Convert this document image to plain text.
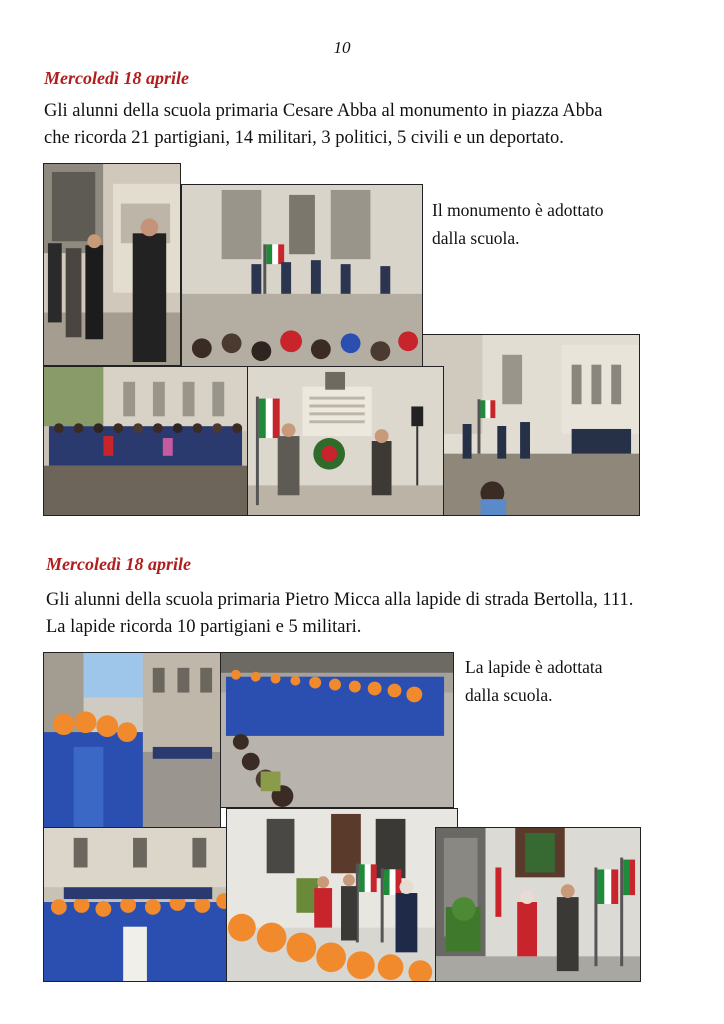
10
Mercoledì 18 aprile
Gli alunni della scuola primaria Cesare Abba al monumento in piazza Abba
che ricorda 21 partigiani, 14 militari, 3 politici, 5 civili e un deportato.
Il monumento è adottato
dalla scuola.
Mercoledì 18 aprile
Gli alunni della scuola primaria Pietro Micca alla lapide di strada Bertolla, 111.
La lapide ricorda 10 partigiani e 5 militari.
La lapide è adottata
dalla scuola.
